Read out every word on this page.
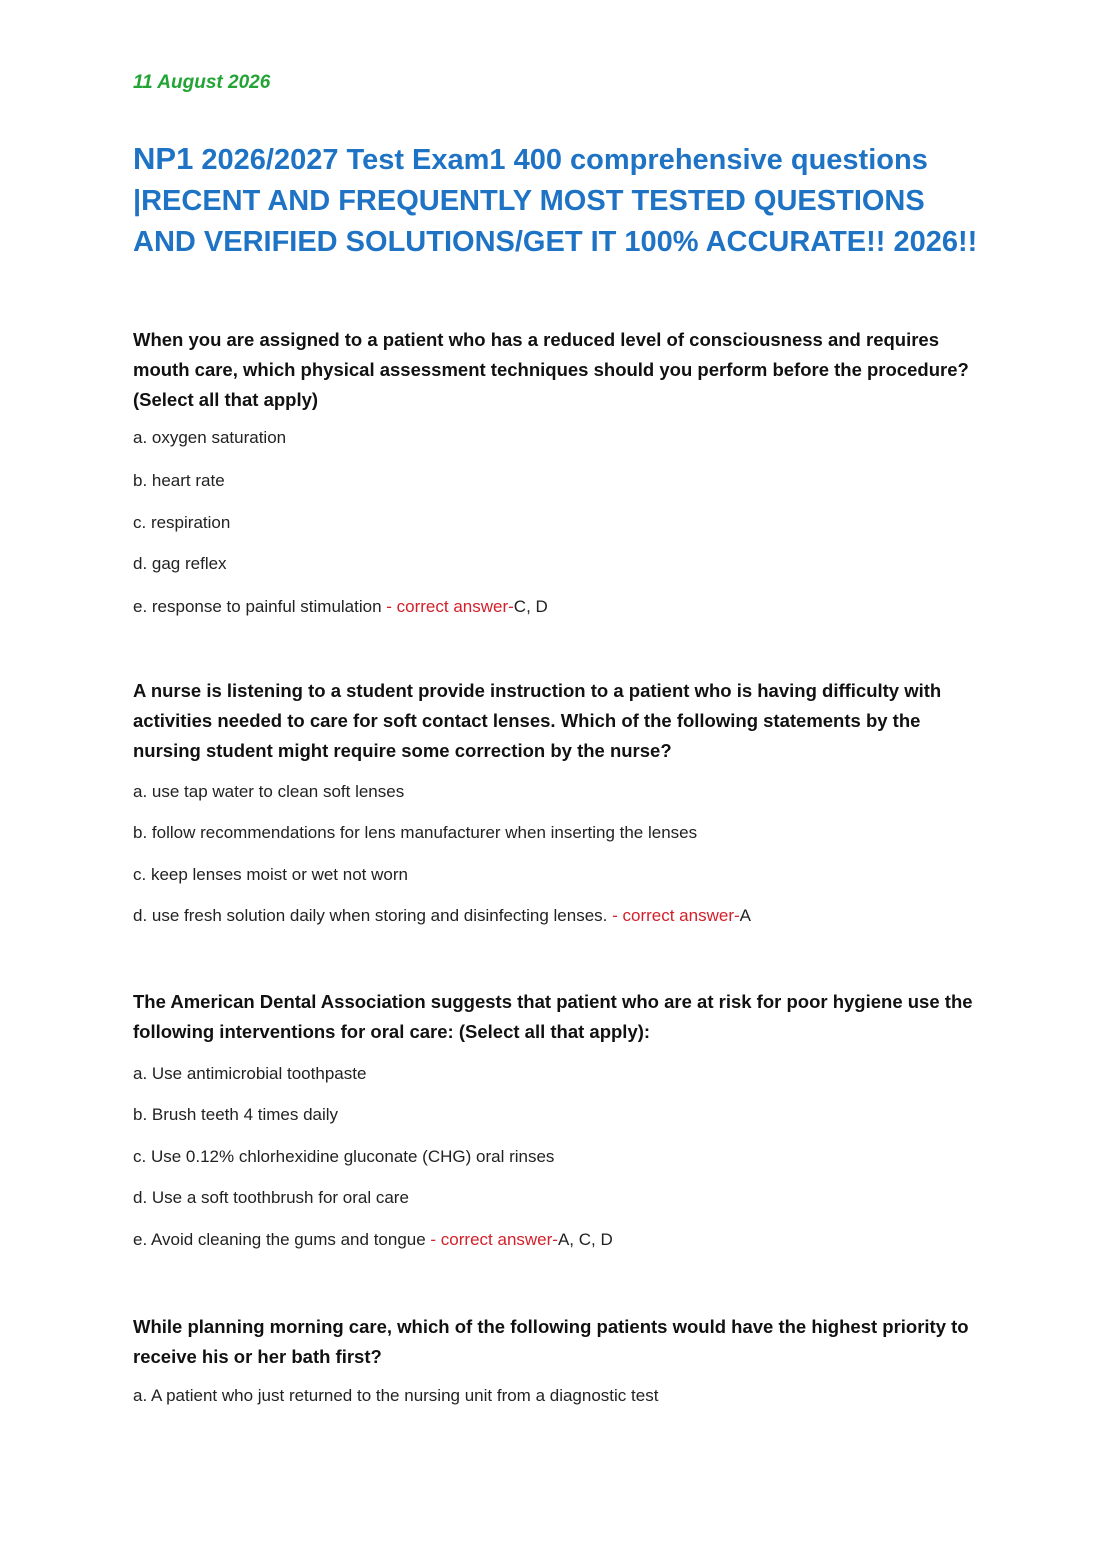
11 August 2026
NP1 2026/2027 Test Exam1 400 comprehensive questions |RECENT AND FREQUENTLY MOST TESTED QUESTIONS AND VERIFIED SOLUTIONS/GET IT 100% ACCURATE!! 2026!!

When you are assigned to a patient who has a reduced level of consciousness and requires mouth care, which physical assessment techniques should you perform before the procedure? (Select all that apply)

a. oxygen saturation
b. heart rate
c. respiration
d. gag reflex
e. response to painful stimulation - correct answer-C, D

A nurse is listening to a student provide instruction to a patient who is having difficulty with activities needed to care for soft contact lenses. Which of the following statements by the nursing student might require some correction by the nurse?

a. use tap water to clean soft lenses
b. follow recommendations for lens manufacturer when inserting the lenses
c. keep lenses moist or wet not worn
d. use fresh solution daily when storing and disinfecting lenses. - correct answer-A

The American Dental Association suggests that patient who are at risk for poor hygiene use the following interventions for oral care: (Select all that apply):

a. Use antimicrobial toothpaste
b. Brush teeth 4 times daily
c. Use 0.12% chlorhexidine gluconate (CHG) oral rinses
d. Use a soft toothbrush for oral care
e. Avoid cleaning the gums and tongue - correct answer-A, C, D

While planning morning care, which of the following patients would have the highest priority to receive his or her bath first?

a. A patient who just returned to the nursing unit from a diagnostic test
